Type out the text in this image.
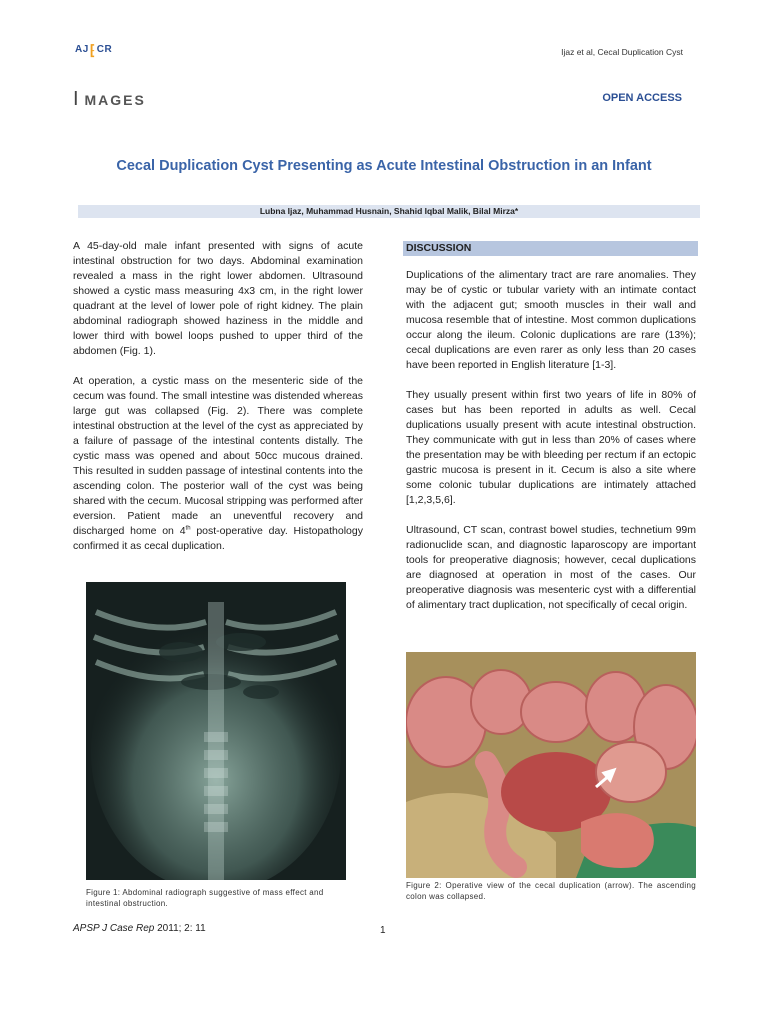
AJ ⁅ CR	Ijaz et al, Cecal Duplication Cyst
I MAGES	OPEN ACCESS
Cecal Duplication Cyst Presenting as Acute Intestinal Obstruction in an Infant
Lubna Ijaz, Muhammad Husnain, Shahid Iqbal Malik, Bilal Mirza*

A 45-day-old male infant presented with signs of acute intestinal obstruction for two days. Abdominal examination revealed a mass in the right lower abdomen. Ultrasound showed a cystic mass measuring 4x3 cm, in the right lower quadrant at the level of lower pole of right kidney. The plain abdominal radiograph showed haziness in the middle and lower third with bowel loops pushed to upper third of the abdomen (Fig. 1).

At operation, a cystic mass on the mesenteric side of the cecum was found. The small intestine was distended whereas large gut was collapsed (Fig. 2). There was complete intestinal obstruction at the level of the cyst as appreciated by a failure of passage of the intestinal contents distally. The cystic mass was opened and about 50cc mucous drained. This resulted in sudden passage of intestinal contents into the ascending colon. The posterior wall of the cyst was being shared with the cecum. Mucosal stripping was performed after eversion. Patient made an uneventful recovery and discharged home on 4th post-operative day. Histopathology confirmed it as cecal duplication.

Figure 1: Abdominal radiograph suggestive of mass effect and intestinal obstruction.
DISCUSSION

Duplications of the alimentary tract are rare anomalies. They may be of cystic or tubular variety with an intimate contact with the adjacent gut; smooth muscles in their wall and mucosa resemble that of intestine. Most common duplications occur along the ileum. Colonic duplications are rare (13%); cecal duplications are even rarer as only less than 20 cases have been reported in English literature [1-3].

They usually present within first two years of life in 80% of cases but has been reported in adults as well. Cecal duplications usually present with acute intestinal obstruction. They communicate with gut in less than 20% of cases where the presentation may be with bleeding per rectum if an ectopic gastric mucosa is present in it. Cecum is also a site where some colonic tubular duplications are intimately attached [1,2,3,5,6].

Ultrasound, CT scan, contrast bowel studies, technetium 99m radionuclide scan, and diagnostic laparoscopy are important tools for preoperative diagnosis; however, cecal duplications are diagnosed at operation in most of the cases. Our preoperative diagnosis was mesenteric cyst with a differential of alimentary tract duplication, not specifically of cecal origin.

Figure 2: Operative view of the cecal duplication (arrow). The ascending colon was collapsed.
APSP J Case Rep 2011; 2: 11	1
